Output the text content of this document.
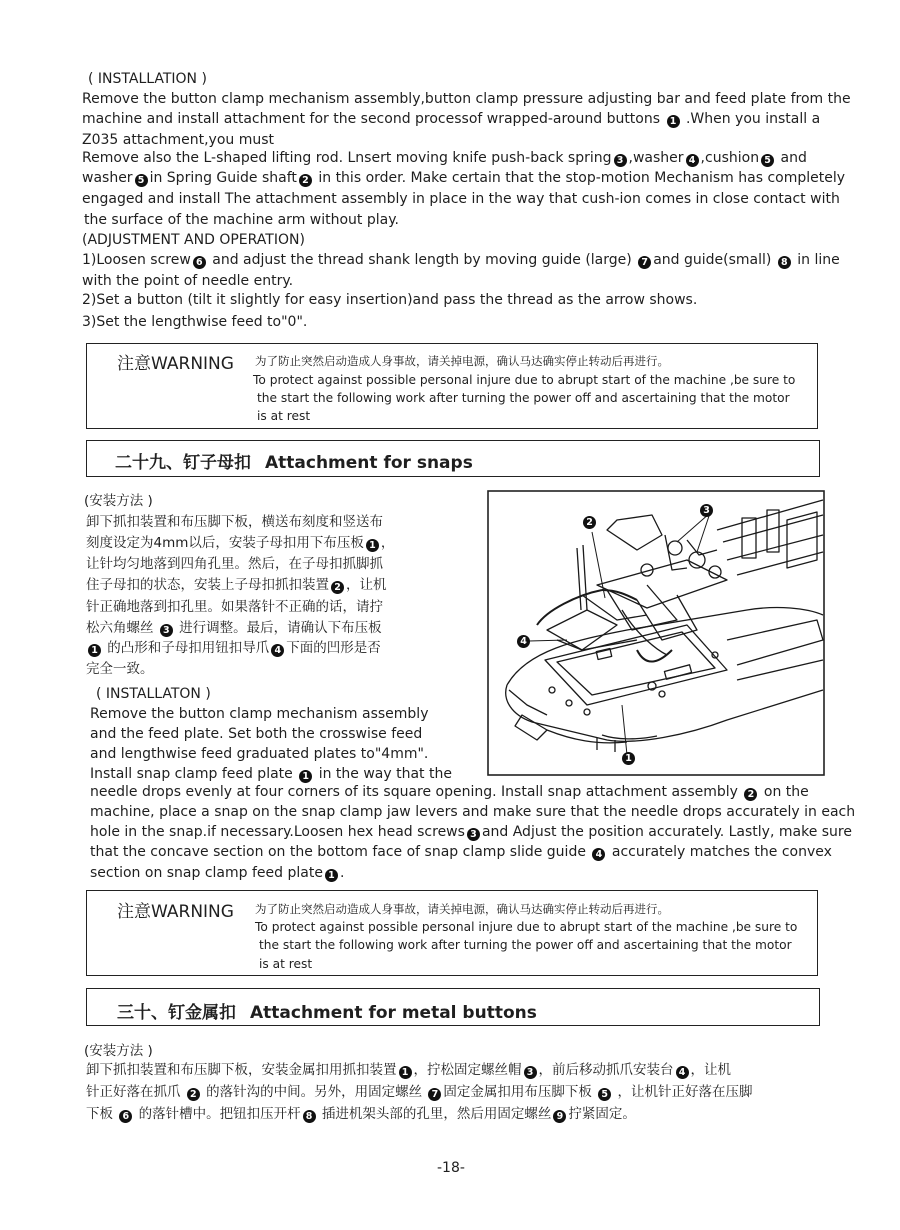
( INSTALLATION )
Remove the button clamp mechanism assembly,button clamp pressure adjusting bar and feed plate from the
machine and install attachment for the second processof wrapped-around buttons 1 .When you install a
Z035 attachment,you must
Remove also the L-shaped lifting rod. Lnsert moving knife push-back spring 3 ,washer 4 ,cushion 5 and
washer 5 in Spring Guide shaft 2 in this order. Make certain that the stop-motion Mechanism has completely
engaged and install The attachment assembly in place in the way that cush-ion comes in close contact with
the surface of the machine arm without play.
(ADJUSTMENT AND OPERATION)
1)Loosen screw 6 and adjust the thread shank length by moving guide (large) 7 and guide(small) 8 in line
with the point of needle entry.
2)Set a button (tilt it slightly for easy insertion)and pass the thread as the arrow shows.
3)Set the lengthwise feed to"0".
注意WARNING 为了防止突然启动造成人身事故，请关掉电源，确认马达确实停止转动后再进行。
To protect against possible personal injure due to abrupt start of the machine ,be sure to
the start the following work after turning the power off and ascertaining that the motor
is at rest
二十九、钉子母扣 Attachment for snaps
(安装方法 )
卸下抓扣装置和布压脚下板，横送布刻度和竖送布
刻度设定为4mm以后，安装子母扣用下布压板 1 ，
让针均匀地落到四角孔里。然后，在子母扣抓脚抓
住子母扣的状态，安装上子母扣抓扣装置 2 ，让机
针正确地落到扣孔里。如果落针不正确的话，请拧
松六角螺丝 3 进行调整。最后，请确认下布压板
1 的凸形和子母扣用钮扣导爪 4 下面的凹形是否
完全一致。
( INSTALLATON )
Remove the button clamp mechanism assembly
and the feed plate. Set both the crosswise feed
and lengthwise feed graduated plates to"4mm".
Install snap clamp feed plate 1 in the way that the
needle drops evenly at four corners of its square opening. Install snap attachment assembly 2 on the
machine, place a snap on the snap clamp jaw levers and make sure that the needle drops accurately in each
hole in the snap.if necessary.Loosen hex head screws 3 and Adjust the position accurately. Lastly, make sure
that the concave section on the bottom face of snap clamp slide guide 4 accurately matches the convex
section on snap clamp feed plate 1 .
2
3
4
1
注意WARNING 为了防止突然启动造成人身事故，请关掉电源，确认马达确实停止转动后再进行。
To protect against possible personal injure due to abrupt start of the machine ,be sure to
the start the following work after turning the power off and ascertaining that the motor
is at rest
三十、钉金属扣 Attachment for metal buttons
(安装方法 )
卸下抓扣装置和布压脚下板，安装金属扣用抓扣装置 1 ，拧松固定螺丝帽 3 ，前后移动抓爪安装台 4 ，让机
针正好落在抓爪 2 的落针沟的中间。另外，用固定螺丝 7 固定金属扣用布压脚下板 5 ，让机针正好落在压脚
下板 6 的落针槽中。把钮扣压开杆 8 插进机架头部的孔里，然后用固定螺丝 9 拧紧固定。
-18-
